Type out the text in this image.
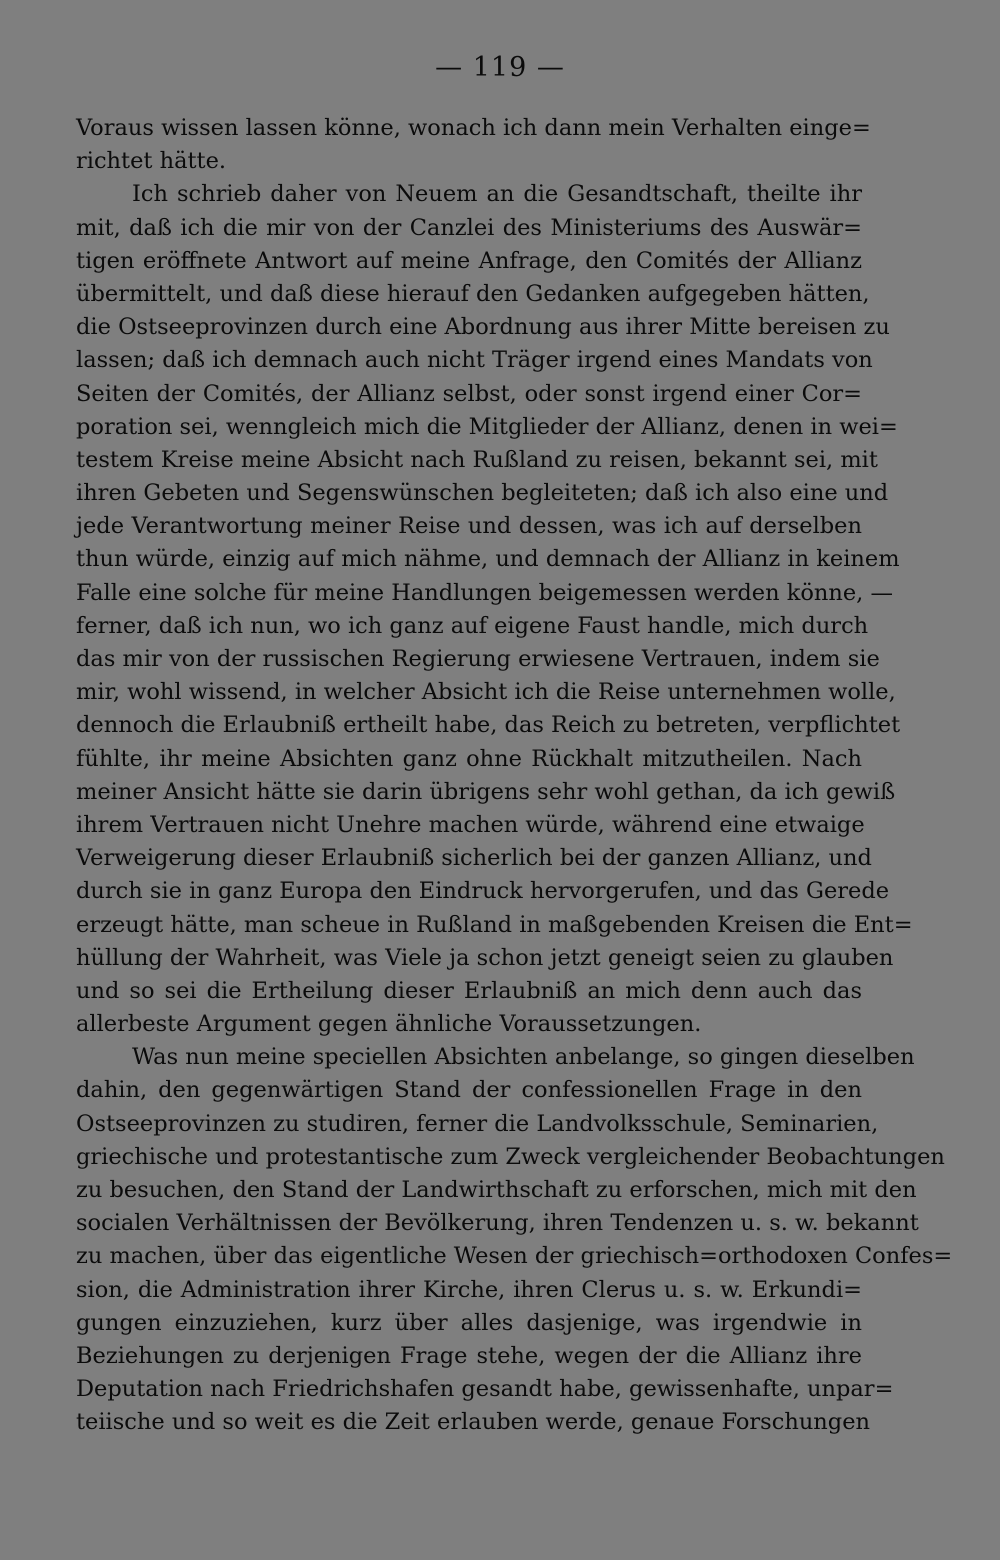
— 119 —
Voraus wissen lassen könne, wonach ich dann mein Verhalten einge=
richtet hätte.
Ich schrieb daher von Neuem an die Gesandtschaft, theilte ihr
mit, daß ich die mir von der Canzlei des Ministeriums des Auswär=
tigen eröffnete Antwort auf meine Anfrage, den Comités der Allianz
übermittelt, und daß diese hierauf den Gedanken aufgegeben hätten,
die Ostseeprovinzen durch eine Abordnung aus ihrer Mitte bereisen zu
lassen; daß ich demnach auch nicht Träger irgend eines Mandats von
Seiten der Comités, der Allianz selbst, oder sonst irgend einer Cor=
poration sei, wenngleich mich die Mitglieder der Allianz, denen in wei=
testem Kreise meine Absicht nach Rußland zu reisen, bekannt sei, mit
ihren Gebeten und Segenswünschen begleiteten; daß ich also eine und
jede Verantwortung meiner Reise und dessen, was ich auf derselben
thun würde, einzig auf mich nähme, und demnach der Allianz in keinem
Falle eine solche für meine Handlungen beigemessen werden könne, —
ferner, daß ich nun, wo ich ganz auf eigene Faust handle, mich durch
das mir von der russischen Regierung erwiesene Vertrauen, indem sie
mir, wohl wissend, in welcher Absicht ich die Reise unternehmen wolle,
dennoch die Erlaubniß ertheilt habe, das Reich zu betreten, verpflichtet
fühlte, ihr meine Absichten ganz ohne Rückhalt mitzutheilen. Nach
meiner Ansicht hätte sie darin übrigens sehr wohl gethan, da ich gewiß
ihrem Vertrauen nicht Unehre machen würde, während eine etwaige
Verweigerung dieser Erlaubniß sicherlich bei der ganzen Allianz, und
durch sie in ganz Europa den Eindruck hervorgerufen, und das Gerede
erzeugt hätte, man scheue in Rußland in maßgebenden Kreisen die Ent=
hüllung der Wahrheit, was Viele ja schon jetzt geneigt seien zu glauben
und so sei die Ertheilung dieser Erlaubniß an mich denn auch das
allerbeste Argument gegen ähnliche Voraussetzungen.
Was nun meine speciellen Absichten anbelange, so gingen dieselben
dahin, den gegenwärtigen Stand der confessionellen Frage in den
Ostseeprovinzen zu studiren, ferner die Landvolksschule, Seminarien,
griechische und protestantische zum Zweck vergleichender Beobachtungen
zu besuchen, den Stand der Landwirthschaft zu erforschen, mich mit den
socialen Verhältnissen der Bevölkerung, ihren Tendenzen u. s. w. bekannt
zu machen, über das eigentliche Wesen der griechisch=orthodoxen Confes=
sion, die Administration ihrer Kirche, ihren Clerus u. s. w. Erkundi=
gungen einzuziehen, kurz über alles dasjenige, was irgendwie in
Beziehungen zu derjenigen Frage stehe, wegen der die Allianz ihre
Deputation nach Friedrichshafen gesandt habe, gewissenhafte, unpar=
teiische und so weit es die Zeit erlauben werde, genaue Forschungen
